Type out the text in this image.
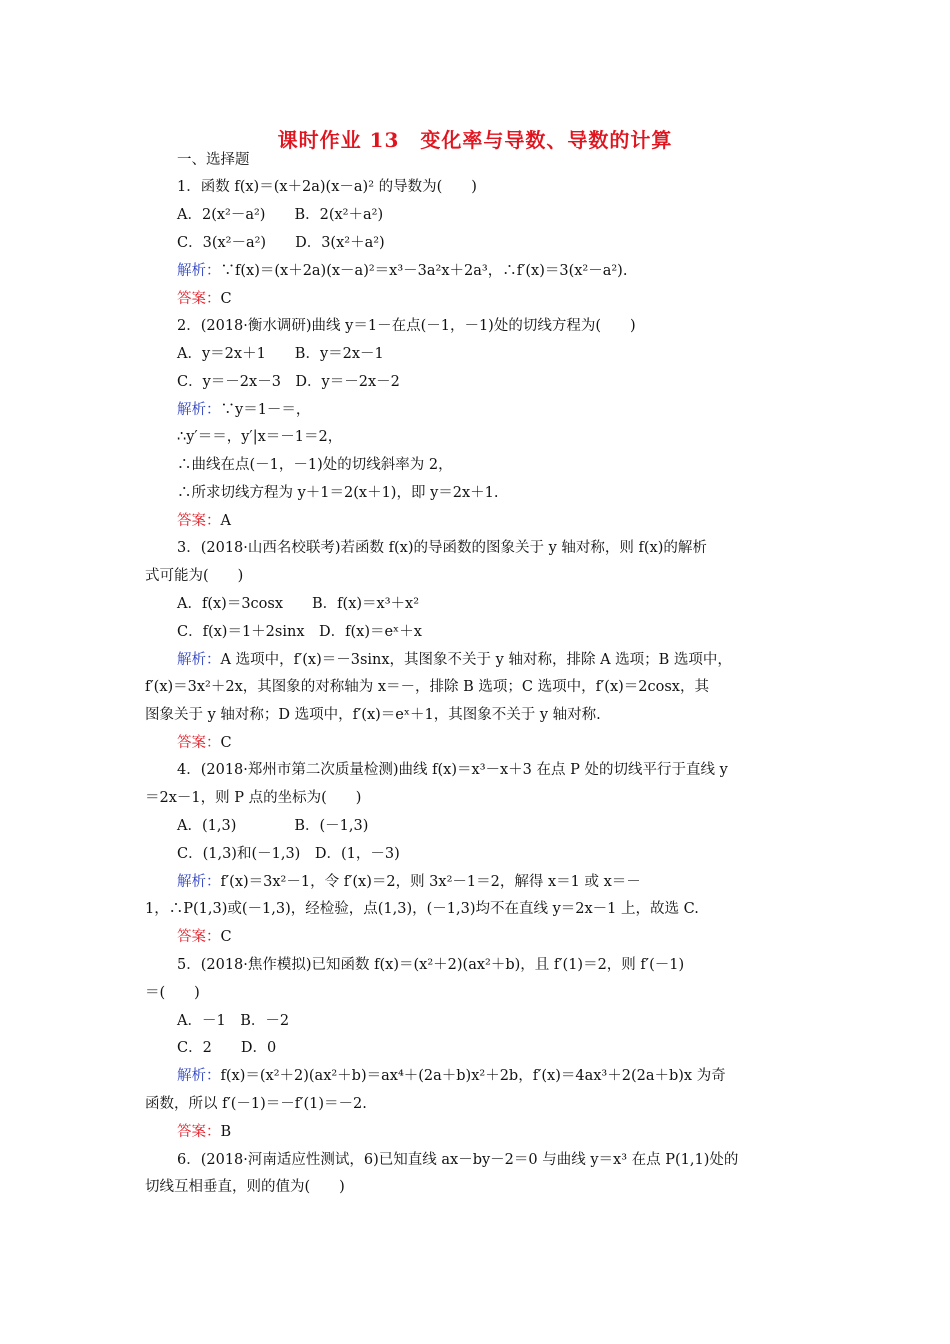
课时作业 13　变化率与导数、导数的计算
一、选择题
1．函数 f(x)＝(x＋2a)(x－a)² 的导数为(　　)
A．2(x²－a²)　　B．2(x²＋a²)
C．3(x²－a²)　　D．3(x²＋a²)
解析：∵f(x)＝(x＋2a)(x－a)²＝x³－3a²x＋2a³，∴f′(x)＝3(x²－a²).
答案：C
2．(2018·衡水调研)曲线 y＝1－在点(－1，－1)处的切线方程为(　　)
A．y＝2x＋1　　B．y＝2x－1
C．y＝－2x－3　D．y＝－2x－2
解析：∵y＝1－＝，
∴y′＝＝，y′|x＝－1＝2，
∴曲线在点(－1，－1)处的切线斜率为 2，
∴所求切线方程为 y＋1＝2(x＋1)，即 y＝2x＋1.
答案：A
3．(2018·山西名校联考)若函数 f(x)的导函数的图象关于 y 轴对称，则 f(x)的解析
式可能为(　　)
A．f(x)＝3cosx　　B．f(x)＝x³＋x²
C．f(x)＝1＋2sinx　D．f(x)＝eˣ＋x
解析：A 选项中，f′(x)＝－3sinx，其图象不关于 y 轴对称，排除 A 选项；B 选项中，
f′(x)＝3x²＋2x，其图象的对称轴为 x＝－，排除 B 选项；C 选项中，f′(x)＝2cosx，其
图象关于 y 轴对称；D 选项中，f′(x)＝eˣ＋1，其图象不关于 y 轴对称.
答案：C
4．(2018·郑州市第二次质量检测)曲线 f(x)＝x³－x＋3 在点 P 处的切线平行于直线 y
＝2x－1，则 P 点的坐标为(　　)
A．(1,3)　　　　B．(－1,3)
C．(1,3)和(－1,3)　D．(1，－3)
解析：f′(x)＝3x²－1，令 f′(x)＝2，则 3x²－1＝2，解得 x＝1 或 x＝－
1，∴P(1,3)或(－1,3)，经检验，点(1,3)，(－1,3)均不在直线 y＝2x－1 上，故选 C.
答案：C
5．(2018·焦作模拟)已知函数 f(x)＝(x²＋2)(ax²＋b)，且 f′(1)＝2，则 f′(－1)
＝(　　)
A．－1　B．－2
C．2　　D．0
解析：f(x)＝(x²＋2)(ax²＋b)＝ax⁴＋(2a＋b)x²＋2b，f′(x)＝4ax³＋2(2a＋b)x 为奇
函数，所以 f′(－1)＝－f′(1)＝－2.
答案：B
6．(2018·河南适应性测试，6)已知直线 ax－by－2＝0 与曲线 y＝x³ 在点 P(1,1)处的
切线互相垂直，则的值为(　　)
